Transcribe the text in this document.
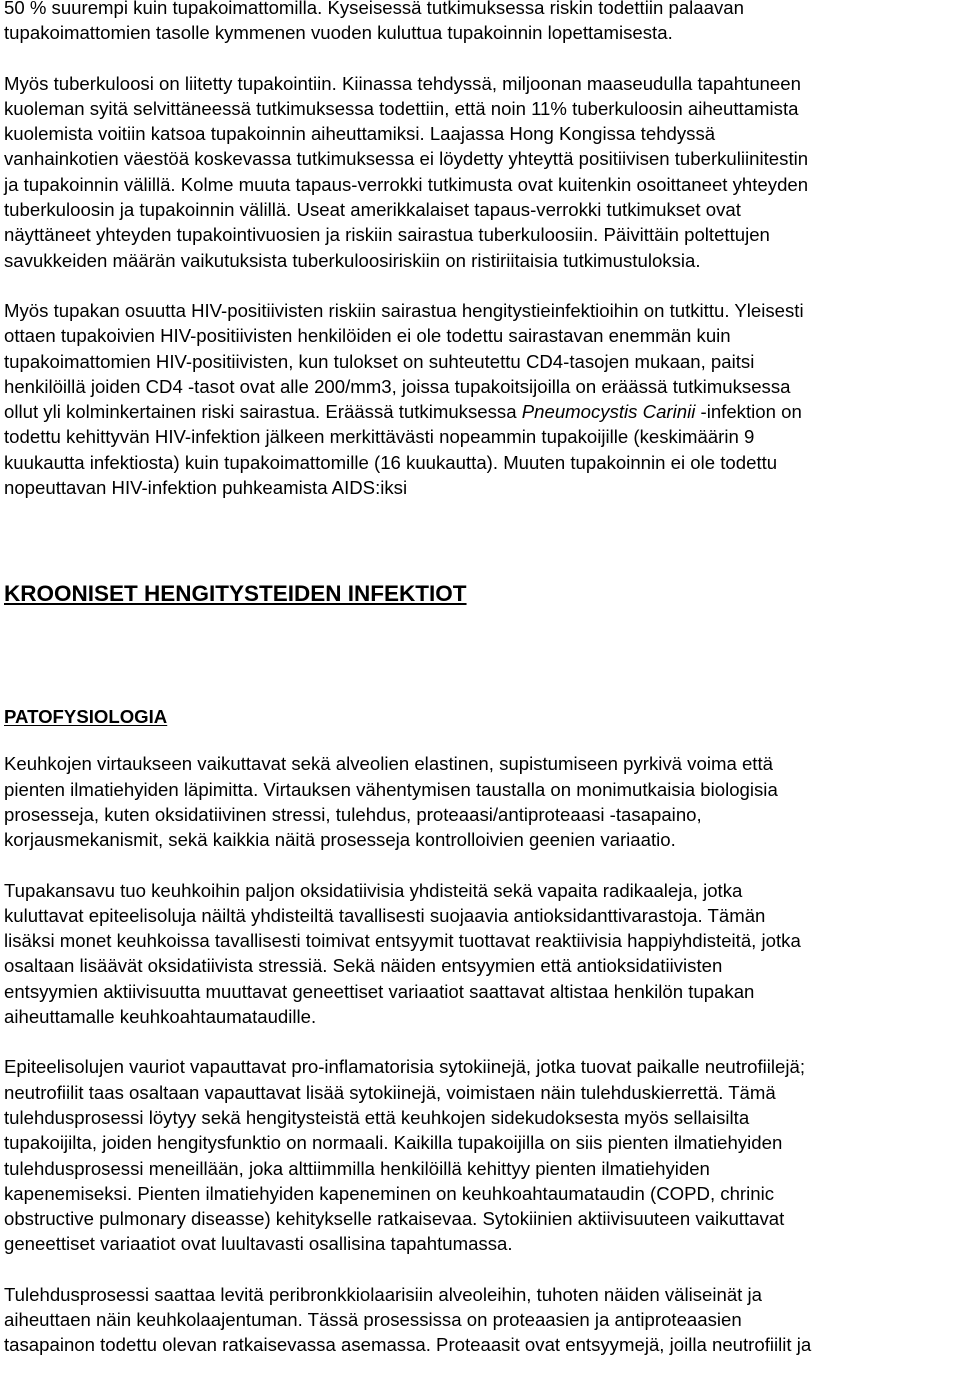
50 % suurempi kuin tupakoimattomilla. Kyseisessä tutkimuksessa riskin todettiin palaavan
tupakoimattomien tasolle kymmenen vuoden kuluttua tupakoinnin lopettamisesta.
Myös tuberkuloosi on liitetty tupakointiin. Kiinassa tehdyssä, miljoonan maaseudulla tapahtuneen
kuoleman syitä selvittäneessä tutkimuksessa todettiin, että noin 11% tuberkuloosin aiheuttamista
kuolemista voitiin katsoa tupakoinnin aiheuttamiksi. Laajassa Hong Kongissa tehdyssä
vanhainkotien väestöä koskevassa tutkimuksessa ei löydetty yhteyttä positiivisen tuberkuliinitestin
ja tupakoinnin välillä. Kolme muuta tapaus-verrokki tutkimusta ovat kuitenkin osoittaneet yhteyden
tuberkuloosin ja tupakoinnin välillä. Useat amerikkalaiset tapaus-verrokki tutkimukset ovat
näyttäneet yhteyden tupakointivuosien ja riskiin sairastua tuberkuloosiin. Päivittäin poltettujen
savukkeiden määrän vaikutuksista tuberkuloosiriskiin on ristiriitaisia tutkimustuloksia.
Myös tupakan osuutta HIV-positiivisten riskiin sairastua hengitystieinfektioihin on tutkittu. Yleisesti
ottaen tupakoivien HIV-positiivisten henkilöiden ei ole todettu sairastavan enemmän kuin
tupakoimattomien HIV-positiivisten, kun tulokset on suhteutettu CD4-tasojen mukaan, paitsi
henkilöillä joiden CD4 -tasot ovat alle 200/mm3, joissa tupakoitsijoilla on eräässä tutkimuksessa
ollut yli kolminkertainen riski sairastua. Eräässä tutkimuksessa Pneumocystis Carinii -infektion on
todettu kehittyvän HIV-infektion jälkeen merkittävästi nopeammin tupakoijille (keskimäärin 9
kuukautta infektiosta) kuin tupakoimattomille (16 kuukautta). Muuten tupakoinnin ei ole todettu
nopeuttavan HIV-infektion puhkeamista AIDS:iksi
KROONISET HENGITYSTEIDEN INFEKTIOT
PATOFYSIOLOGIA
Keuhkojen virtaukseen vaikuttavat sekä alveolien elastinen, supistumiseen pyrkivä voima että
pienten ilmatiehyiden läpimitta. Virtauksen vähentymisen taustalla on monimutkaisia biologisia
prosesseja, kuten oksidatiivinen stressi, tulehdus, proteaasi/antiproteaasi -tasapaino,
korjausmekanismit, sekä kaikkia näitä prosesseja kontrolloivien geenien variaatio.
Tupakansavu tuo keuhkoihin paljon oksidatiivisia yhdisteitä sekä vapaita radikaaleja, jotka
kuluttavat epiteelisoluja näiltä yhdisteiltä tavallisesti suojaavia antioksidanttivarastoja. Tämän
lisäksi monet keuhkoissa tavallisesti toimivat entsyymit tuottavat reaktiivisia happiyhdisteitä, jotka
osaltaan lisäävät oksidatiivista stressiä. Sekä näiden entsyymien että antioksidatiivisten
entsyymien aktiivisuutta muuttavat geneettiset variaatiot saattavat altistaa henkilön tupakan
aiheuttamalle keuhkoahtaumataudille.
Epiteelisolujen vauriot vapauttavat pro-inflamatorisia sytokiinejä, jotka tuovat paikalle neutrofiilejä;
neutrofiilit taas osaltaan vapauttavat lisää sytokiinejä, voimistaen näin tulehduskierrettä. Tämä
tulehdusprosessi löytyy sekä hengitysteistä että keuhkojen sidekudoksesta myös sellaisilta
tupakoijilta, joiden hengitysfunktio on normaali. Kaikilla tupakoijilla on siis pienten ilmatiehyiden
tulehdusprosessi meneillään, joka alttiimmilla henkilöillä kehittyy pienten ilmatiehyiden
kapenemiseksi. Pienten ilmatiehyiden kapeneminen on keuhkoahtaumataudin (COPD, chrinic
obstructive pulmonary diseasse) kehitykselle ratkaisevaa. Sytokiinien aktiivisuuteen vaikuttavat
geneettiset variaatiot ovat luultavasti osallisina tapahtumassa.
Tulehdusprosessi saattaa levitä peribronkkiolaarisiin alveoleihin, tuhoten näiden väliseinät ja
aiheuttaen näin keuhkolaajentuman. Tässä prosessissa on proteaasien ja antiproteaasien
tasapainon todettu olevan ratkaisevassa asemassa. Proteaasit ovat entsyymejä, joilla neutrofiilit ja
